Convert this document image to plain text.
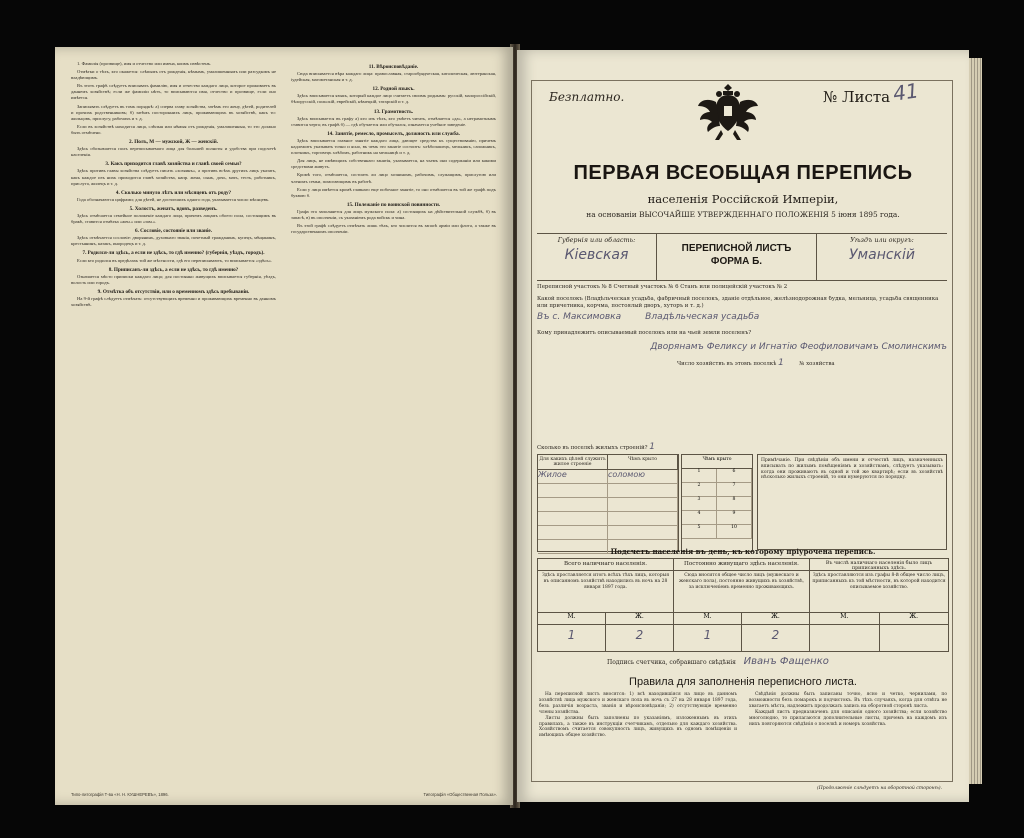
1. Фамилія (прозвище), имя и отчество или имена, коимъ извѣстенъ.

Отмѣтки о тѣхъ, кто окажется: слѣпымъ отъ рожденія, нѣмымъ, умалишеннымъ или разсудкомъ не владѣющимъ.

Въ этотъ графѣ слѣдуетъ вписывать фамилію, имя и отчество каждаго лица, которое проживаетъ въ даннемъ хозяйствѣ; если же фамиліи нѣтъ, то вписываются имя, отчество и прозвище, если оно имѣется.

Записывать слѣдуетъ въ томъ порядкѣ: а) сперва главу хозяйства, затѣмъ его жену, дѣтей, родителей и прочихъ родственниковъ; б) затѣмъ постороннихъ лицъ, проживающихъ въ хозяйствѣ, какъ то: жильцовъ, прислугу, рабочихъ и т. д.

Если въ хозяйствѣ находятся лица, слѣпыя или нѣмыя отъ рожденія, умалишенныя, то это должно быть отмѣчено.

2. Полъ, М — мужской, Ж — женскій.

Здѣсь обозначается полъ переписываемаго лица для большей полноты и удобства при подсчетѣ населенія.

3. Какъ приходится главѣ хозяйства и главѣ своей семьи?

Здѣсь противъ главы хозяйства слѣдуетъ писать «хозяинъ», а противъ всѣхъ другихъ лицъ указать, какъ каждое изъ нихъ приходится главѣ хозяйства, напр. жена, сынъ, дочь, мать, тесть, работникъ, прислуга, жилецъ и т. д.

4. Сколько минуло лѣтъ или мѣсяцевъ отъ роду?

Года обозначаются цифрами; для дѣтей, не достигшихъ одного года, указывается число мѣсяцевъ.

5. Холостъ, женатъ, вдовъ, разведенъ.

Здѣсь отмѣчается семейное положеніе каждаго лица, причемъ лицамъ обоего пола, состоящимъ въ бракѣ, ставится отмѣтка «жен.» или «зам.».

6. Сословіе, состояніе или званіе.

Здѣсь отмѣчается сословіе: дворянинъ, духовнаго званія, почетный гражданинъ, купецъ, мѣщанинъ, крестьянинъ, казакъ, инородецъ и т. д.

7. Родился-ли здѣсь, а если не здѣсь, то гдѣ именно? (губернія, уѣздъ, городъ).

Если кто родился въ предѣлахъ той же мѣстности, гдѣ его переписываютъ, то вписывается «здѣсь».

8. Приписанъ-ли здѣсь, а если не здѣсь, то гдѣ именно?

Означается мѣсто приписки каждаго лица; для постоянно живущихъ вписывается губернія, уѣздъ, волость или городъ.

9. Отмѣтка объ отсутствіи, или о временномъ здѣсь пребываніи.

На 9-й графѣ слѣдуетъ отмѣчать: отсутствующихъ временно и проживающихъ временно въ данномъ хозяйствѣ.

11. Вѣроисповѣданіе.

Сюда вписывается вѣра каждаго лица: православная, старообрядческая, католическая, лютеранская, іудейская, магометанская и т. д.

12. Родной языкъ.

Здѣсь вписывается языкъ, который каждое лицо считаетъ своимъ роднымъ: русскій, малороссійскій, бѣлорусскій, польскій, еврейскій, нѣмецкій, татарскій и т. д.

13. Грамотность.

Здѣсь вписывается въ графу а) кто изъ тѣхъ, кто умѣетъ читать, отмѣчается «да», а неграмотнымъ ставится черта; въ графѣ б) — гдѣ обучается или обучался, означается учебное заведеніе.

14. Занятіе, ремесло, промыселъ, должность или служба.

Здѣсь вписывается главное занятіе каждаго лица, дающее средства къ существованію, причемъ надлежитъ указывать точно и ясно, въ чемъ это занятіе состоитъ: хлѣбопашецъ, мельникъ, сапожникъ, плотникъ, торговецъ хлѣбомъ, работникъ на мельницѣ и т. д.

Для лицъ, не имѣющихъ собственнаго занятія, указывается, на чьемъ они содержаніи или какими средствами живутъ.

Кромѣ того, отмѣчается, состоитъ ли лицо хозяиномъ, рабочимъ, служащимъ, прислугою или членомъ семьи, помогающимъ въ работѣ.

Если у лица имѣется кромѣ главнаго еще побочное занятіе, то оно отмѣчается въ той же графѣ подъ буквою б.

15. Полежаніе по воинской повинности.

Графа эта заполняется для лицъ мужского пола: а) состоящихъ на дѣйствительной службѣ, б) въ запасѣ, в) въ ополченіи, съ указаніемъ рода войскъ и чина.

Въ этой графѣ слѣдуетъ отмѣчать лишь тѣхъ, кто числится въ запасѣ арміи или флота, а также въ государственномъ ополченіи.

Типо-литографія Т-ва «Н. Н. КУШНЕРЕВЪ», 1896.	Типографія «Общественная Польза».
Безплатно.	№ Листа 41
ПЕРВАЯ ВСЕОБЩАЯ ПЕРЕПИСЬ
населенія Россійской Имперіи,
на основаніи ВЫСОЧАЙШЕ УТВЕРЖДЕННАГО ПОЛОЖЕНІЯ 5 іюня 1895 года.
Губернія или область:
Кіевская	ПЕРЕПИСНОЙ ЛИСТЪ
ФОРМА Б.
Уѣздъ или округъ:
Уманскій
Переписной участокъ № 8 Счетный участокъ № 6 Станъ или полицейскій участокъ № 2
Какой поселокъ (Владѣльческая усадьба, фабричный поселокъ, зданіе отдѣльное, желѣзнодорожная будка, мельница, усадьба священника или причетника, корчма, постоялый дворъ, хуторъ и т. д.)
Въ с. Максимовка	Владѣльческая усадьба
Кому принадлежитъ описываемый поселокъ или на чьей земли поселенъ?
Дворянамъ Феликсу и Игнатію Феофиловичамъ Смолинскимъ
Число хозяйствъ въ этомъ поселкѣ 1	№ хозяйства
Сколько въ поселкѣ жилыхъ строеній? 1
Для какихъ цѣлей служитъ жилое строеніе
Чѣмъ крыто
Жилое	соломою
Чѣмъ крыто
1	6
2	7
3	8
4	9
5	10
Примѣчаніе. При свѣдѣніи объ имени и отчествѣ лицъ, назначенныхъ вписывать по жилымъ помѣщеніямъ и хозяйствамъ, слѣдуетъ указывать: когда они проживаютъ въ одной и той же квартирѣ; если въ хозяйствѣ нѣсколько жилыхъ строеній, то они нумеруются по порядку.
Подсчетъ населенія въ день, къ которому пріурочена перепись.
Всего наличнаго населенія.
Здѣсь проставляется итогъ всѣхъ тѣхъ лицъ, которыя въ описанномъ хозяйствѣ находились въ ночь на 28 января 1897 года.
М.	Ж.
1	2
Постоянно живущаго здѣсь населенія.
Сюда вносится общее число лицъ (мужескаго и женскаго пола), постоянно живущихъ въ хозяйствѣ, за исключеніемъ временно проживающихъ.
М.	Ж.
1	2
Въ числѣ наличнаго населенія было лицъ приписанныхъ здѣсь.
Здѣсь проставляются изъ графы 8-й общее число лицъ, приписанныхъ къ той мѣстности, въ которой находится описываемое хозяйство.
М.	Ж.
Подпись счетчика, собравшаго свѣдѣнія Иванъ Фащенко
Правила для заполненія переписного листа.

На переписной листъ вносятся: 1) всѣ находившіяся на лицо въ данномъ хозяйствѣ лица мужского и женскаго пола въ ночь съ 27 на 28 января 1897 года, безъ различія возраста, званія и вѣроисповѣданія; 2) отсутствующіе временно члены хозяйства.

Листы должны быть заполнены по указаніямъ, изложеннымъ въ этихъ правилахъ, а также въ инструкціи счетчикамъ, отдельно для каждаго хозяйства. Хозяйствомъ считается совокупность лицъ, живущихъ въ одномъ помѣщеніи и имѣющихъ общее хозяйство.

Свѣдѣнія должны быть записаны точно, ясно и четко, чернилами, по возможности безъ помарокъ и подчистокъ. Въ тѣхъ случаяхъ, когда для отвѣта не хватаетъ мѣста, надлежитъ продолжать запись на оборотной сторонѣ листа.

Каждый листъ предназначенъ для описанія одного хозяйства; если хозяйство многолюдно, то прилагаются дополнительные листы, причемъ на каждомъ изъ нихъ повторяются свѣдѣнія о поселкѣ и номеръ хозяйства.

(Продолженіе слѣдуетъ на оборотной сторонѣ).
